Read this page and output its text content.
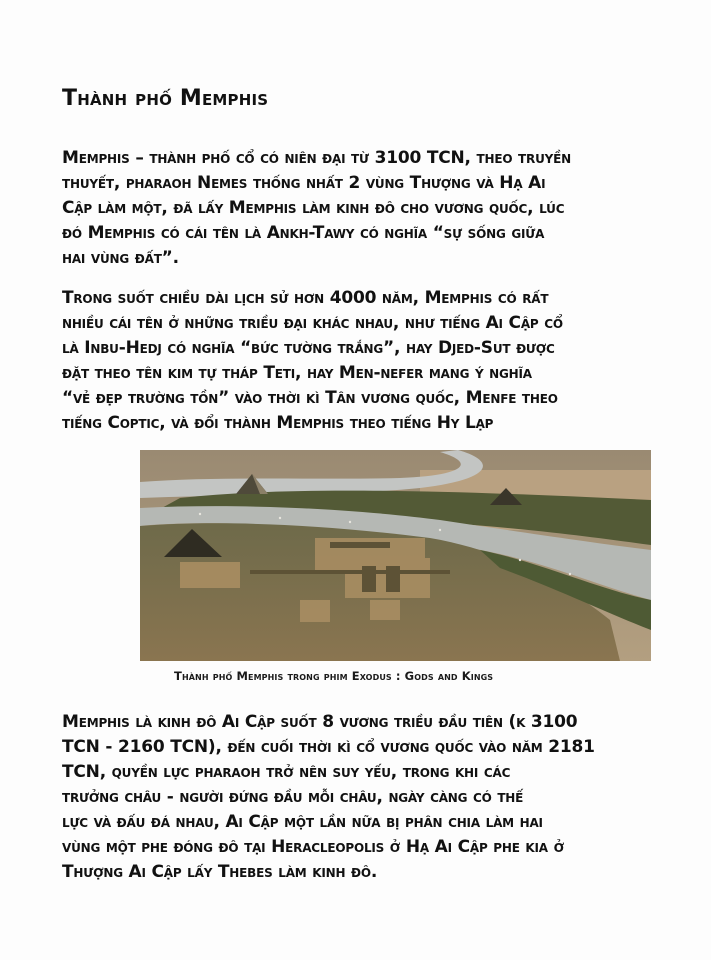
Thành phố Memphis
Memphis – thành phố cổ có niên đại từ 3100 TCN, theo truyền
thuyết, pharaoh Nemes thống nhất 2 vùng Thượng và Hạ Ai
Cập làm một, đã lấy Memphis làm kinh đô cho vương quốc, lúc
đó Memphis có cái tên là Ankh-Tawy có nghĩa “sự sống giữa
hai vùng đất”.
Trong suốt chiều dài lịch sử hơn 4000 năm, Memphis có rất
nhiều cái tên ở những triều đại khác nhau, như tiếng Ai Cập cổ
là Inbu-Hedj có nghĩa “bức tường trắng”, hay Djed-Sut được
đặt theo tên kim tự tháp Teti, hay Men-nefer mang ý nghĩa
“vẻ đẹp trường tồn” vào thời kì Tân vương quốc, Menfe theo
tiếng Coptic, và đổi thành Memphis theo tiếng Hy Lạp
Thành phố Memphis trong phim Exodus : Gods and Kings
Memphis là kinh đô Ai Cập suốt 8 vương triều đầu tiên (k 3100
TCN - 2160 TCN), đến cuối thời kì cổ vương quốc vào năm 2181
TCN, quyền lực pharaoh trở nên suy yếu, trong khi các
trưởng châu - người đứng đầu mỗi châu, ngày càng có thế
lực và đấu đá nhau, Ai Cập một lần nữa bị phân chia làm hai
vùng một phe đóng đô tại Heracleopolis ở Hạ Ai Cập phe kia ở
Thượng Ai Cập lấy Thebes làm kinh đô.
